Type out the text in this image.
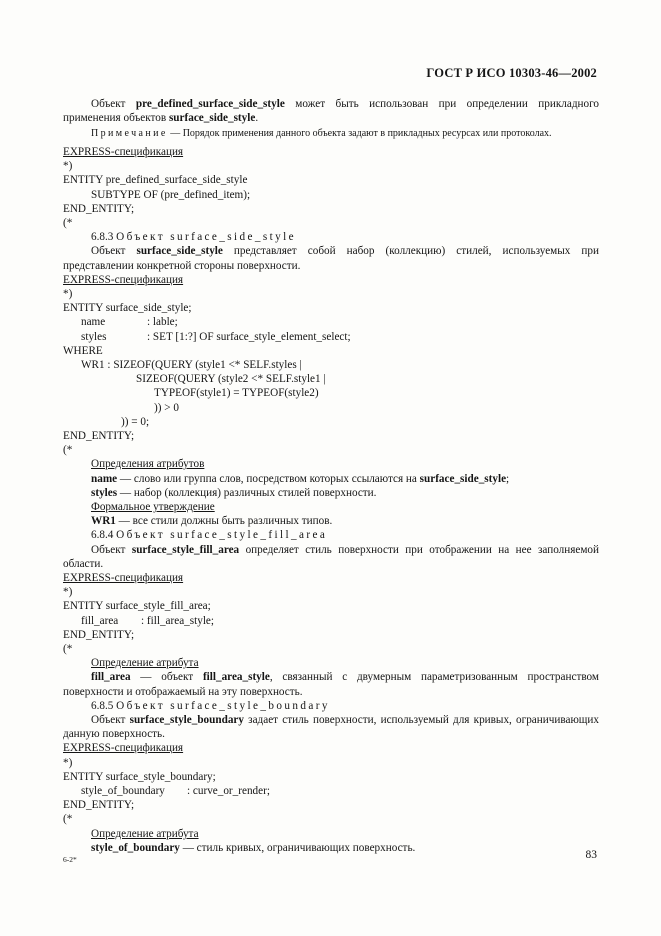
ГОСТ Р ИСО 10303-46—2002

Объект pre_defined_surface_side_style может быть использован при определении прикладного применения объектов surface_side_style.

Примечание — Порядок применения данного объекта задают в прикладных ресурсах или протоколах.

EXPRESS-спецификация

*)

ENTITY pre_defined_surface_side_style

SUBTYPE OF (pre_defined_item);

END_ENTITY;

(*

6.8.3 Объект surface_side_style

Объект surface_side_style представляет собой набор (коллекцию) стилей, используемых при представлении конкретной стороны поверхности.

EXPRESS-спецификация

*)

ENTITY surface_side_style;

name	: lable;

styles	: SET [1:?] OF surface_style_element_select;

WHERE

WR1 : SIZEOF(QUERY (style1 <* SELF.styles |

SIZEOF(QUERY (style2 <* SELF.style1 |

TYPEOF(style1) = TYPEOF(style2)

)) > 0

)) = 0;

END_ENTITY;

(*

Определения атрибутов

name — слово или группа слов, посредством которых ссылаются на surface_side_style;

styles — набор (коллекция) различных стилей поверхности.

Формальное утверждение

WR1 — все стили должны быть различных типов.

6.8.4 Объект surface_style_fill_area

Объект surface_style_fill_area определяет стиль поверхности при отображении на нее заполняемой области.

EXPRESS-спецификация

*)

ENTITY surface_style_fill_area;

fill_area : fill_area_style;

END_ENTITY;

(*

Определение атрибута

fill_area — объект fill_area_style, связанный с двумерным параметризованным пространством поверхности и отображаемый на эту поверхность.

6.8.5 Объект surface_style_boundary

Объект surface_style_boundary задает стиль поверхности, используемый для кривых, ограничивающих данную поверхность.

EXPRESS-спецификация

*)

ENTITY surface_style_boundary;

style_of_boundary : curve_or_render;

END_ENTITY;

(*

Определение атрибута

style_of_boundary — стиль кривых, ограничивающих поверхность.

6-2*	83
